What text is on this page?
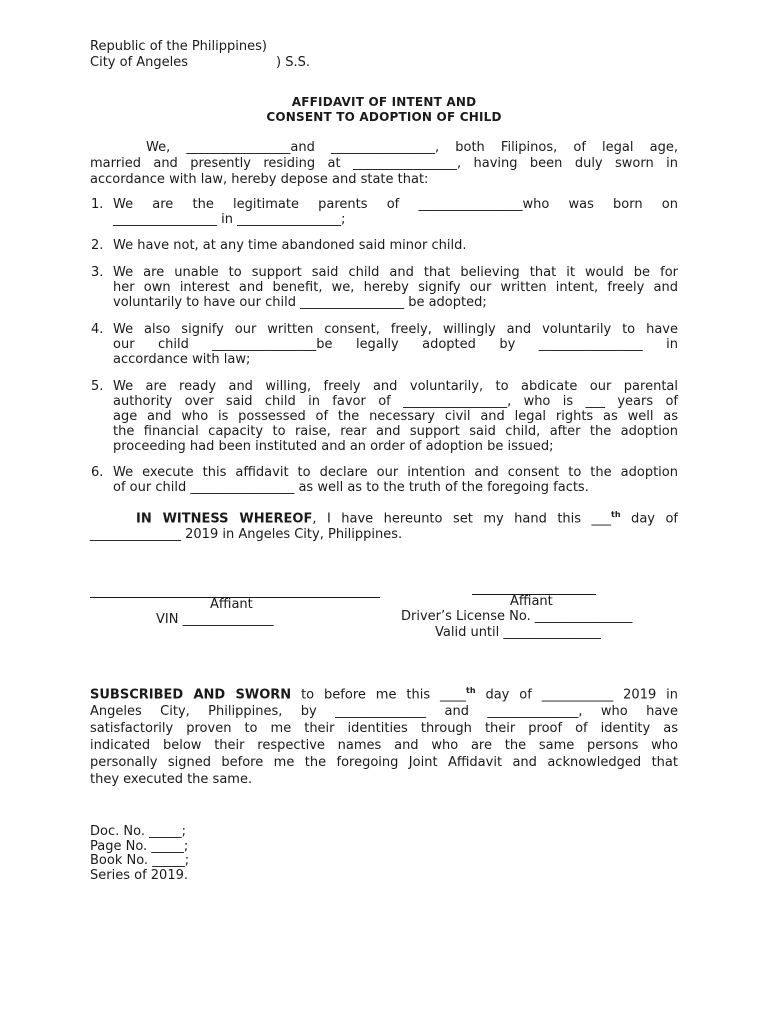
Republic of the Philippines)
City of Angeles	) S.S.
AFFIDAVIT OF INTENT AND
CONSENT TO ADOPTION OF CHILD
We, ________________and ________________, both Filipinos, of legal age,
married and presently residing at ________________, having been duly sworn in
accordance with law, hereby depose and state that:
1. We are the legitimate parents of ________________who was born on
________________ in ________________;
2. We have not, at any time abandoned said minor child.
3. We are unable to support said child and that believing that it would be for
her own interest and benefit, we, hereby signify our written intent, freely and
voluntarily to have our child ________________ be adopted;
4. We also signify our written consent, freely, willingly and voluntarily to have
our child ________________be legally adopted by ________________ in
accordance with law;
5. We are ready and willing, freely and voluntarily, to abdicate our parental
authority over said child in favor of ________________, who is ___ years of
age and who is possessed of the necessary civil and legal rights as well as
the financial capacity to raise, rear and support said child, after the adoption
proceeding had been instituted and an order of adoption be issued;
6. We execute this affidavit to declare our intention and consent to the adoption
of our child ________________ as well as to the truth of the foregoing facts.
IN WITNESS WHEREOF, I have hereunto set my hand this ___$^{th}$ day of
______________ 2019 in Angeles City, Philippines.
Affiant
VIN ______________
Affiant
Driver’s License No. _______________
Valid until _______________
SUBSCRIBED AND SWORN to before me this ____$^{th}$ day of ___________ 2019 in
Angeles City, Philippines, by ______________ and ______________, who have
satisfactorily proven to me their identities through their proof of identity as
indicated below their respective names and who are the same persons who
personally signed before me the foregoing Joint Affidavit and acknowledged that
they executed the same.
Doc. No. _____;
Page No. _____;
Book No. _____;
Series of 2019.
